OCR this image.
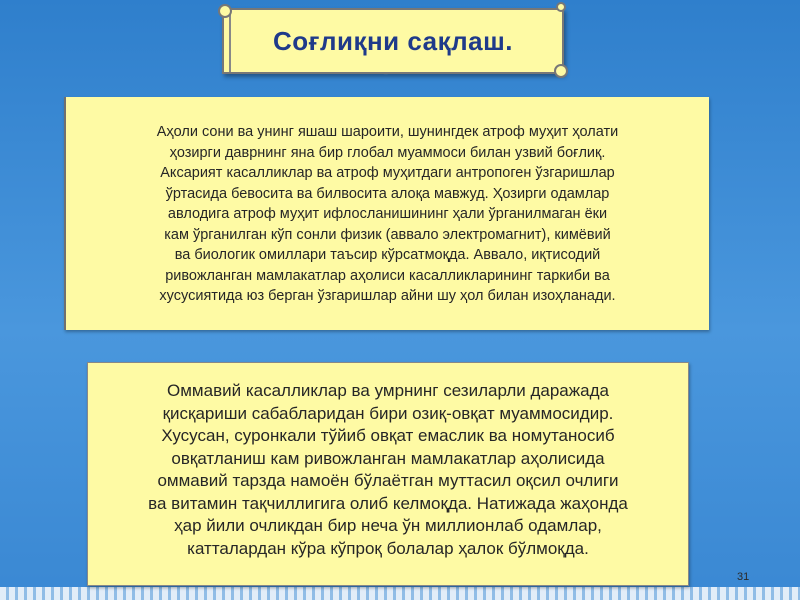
Соғлиқни сақлаш.
Аҳоли сони ва унинг яшаш шароити, шунингдек атроф муҳит ҳолати
ҳозирги даврнинг яна бир глобал муаммоси билан узвий боғлиқ.
Аксарият касалликлар ва атроф муҳитдаги антропоген ўзгаришлар
ўртасида бевосита ва билвосита алоқа мавжуд. Ҳозирги одамлар
авлодига атроф муҳит ифлосланишининг ҳали ўрганилмаган ёки
кам ўрганилган кўп сонли физик (аввало электромагнит), кимёвий
ва биологик омиллари таъсир кўрсатмоқда. Аввало, иқтисодий
ривожланган мамлакатлар аҳолиси касалликларининг таркиби ва
хусусиятида юз берган ўзгаришлар айни шу ҳол билан изоҳланади.
Оммавий касалликлар ва умрнинг сезиларли даражада
қисқариши сабабларидан бири озиқ-овқат муаммосидир.
Хусусан, суронкали тўйиб овқат емаслик ва номутаносиб
овқатланиш кам ривожланган мамлакатлар аҳолисида
оммавий тарзда намоён бўлаётган муттасил оқсил очлиги
ва витамин тақчиллигига олиб келмоқда. Натижада жаҳонда
ҳар йили очликдан бир неча ўн миллионлаб одамлар,
катталардан кўра кўпроқ болалар ҳалок бўлмоқда.
31
